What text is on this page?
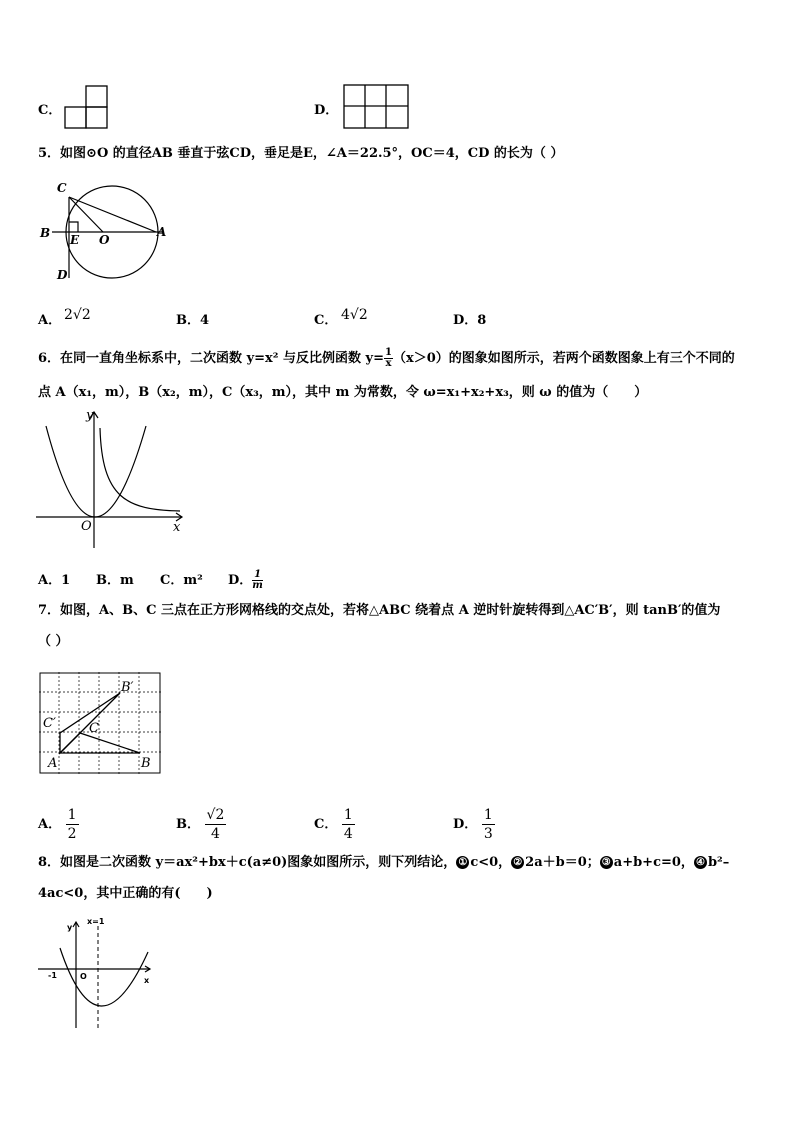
C．	D．
5．如图⊙O 的直径AB 垂直于弦CD，垂足是E，∠A＝22.5°，OC＝4，CD 的长为（ ）
C
B E O
A
D
A． 2√2	B．4	C． 4√2	D．8
6．在同一直角坐标系中，二次函数 y=x² 与反比例函数 $y= \frac{1}{x} (x>0)$的图象如图所示，若两个函数图象上有三个不同的
点 A（x₁，m），B（x₂，m），C（x₃，m），其中 m 为常数，令 ω=x₁+x₂+x₃，则 ω 的值为（　　）
y
x
O
A．1 B．m C．m² D． $\frac{1}{m}$
7．如图，A、B、C 三点在正方形网格线的交点处，若将△ABC 绕着点 A 逆时针旋转得到△AC′B′，则 tanB′的值为
（ ）
B′
C′	C
A	B
A． $\frac{1}{2}$	B． $\frac{√2}{4}$	C． $\frac{1}{4}$	D． $\frac{1}{3}$
8．如图是二次函数 y＝ax²+bx＋c(a≠0)图象如图所示，则下列结论， ① c<0， ② 2a＋b＝0； ③ a+b+c=0， ④ b²–
4ac<0，其中正确的有(　　)
x=1
y
-1	O	x
